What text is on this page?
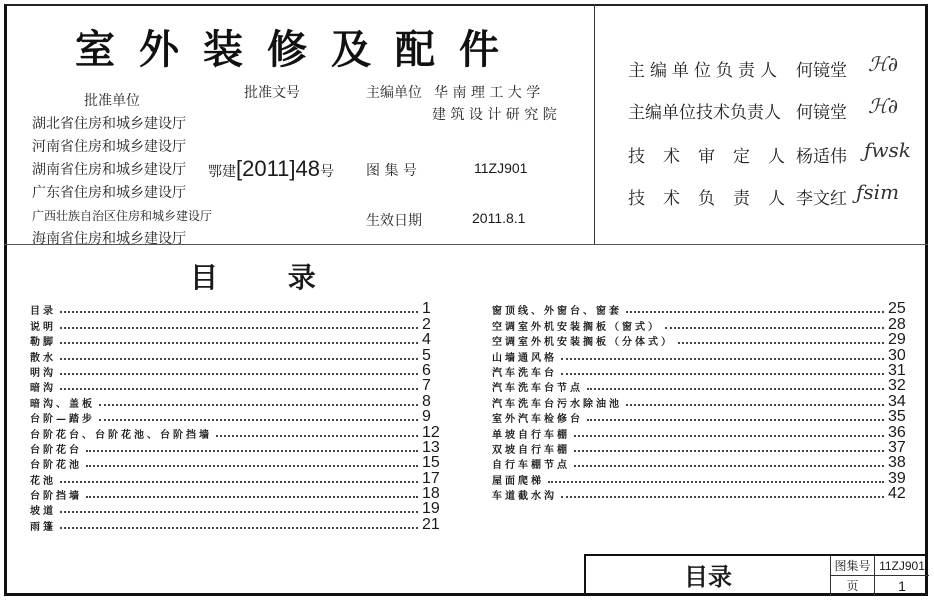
室外装修及配件
批准单位
湖北省住房和城乡建设厅
河南省住房和城乡建设厅
湖南省住房和城乡建设厅
广东省住房和城乡建设厅
广西壮族自治区住房和城乡建设厅
海南省住房和城乡建设厅
批准文号
鄂建[2011]48号
主编单位 华 南 理 工 大 学
建 筑 设 计 研 究 院
图 集 号	11ZJ901
生效日期	2011.8.1
主编单位负责人 何镜堂	ℋ∂
主编单位技术负责人 何镜堂	ℋ∂
技术审定人杨适伟 ƒwsk
技术负责人李文红 ƒsim
目 录
目录	1
说明	2
勒脚	4
散水	5
明沟	6
暗沟	7
暗沟、盖板	8
台阶—踏步	9
台阶花台、台阶花池、台阶挡墙	12
台阶花台	13
台阶花池	15
花池	17
台阶挡墙	18
坡道	19
雨篷	21
窗顶线、外窗台、窗套	25
空调室外机安装搁板（窗式）	28
空调室外机安装搁板（分体式）	29
山墙通风格	30
汽车洗车台	31
汽车洗车台节点	32
汽车洗车台污水除油池	34
室外汽车检修台	35
单坡自行车棚	36
双坡自行车棚	37
自行车棚节点	38
屋面爬梯	39
车道截水沟	42
目录	图集号 11ZJ901
页	1
